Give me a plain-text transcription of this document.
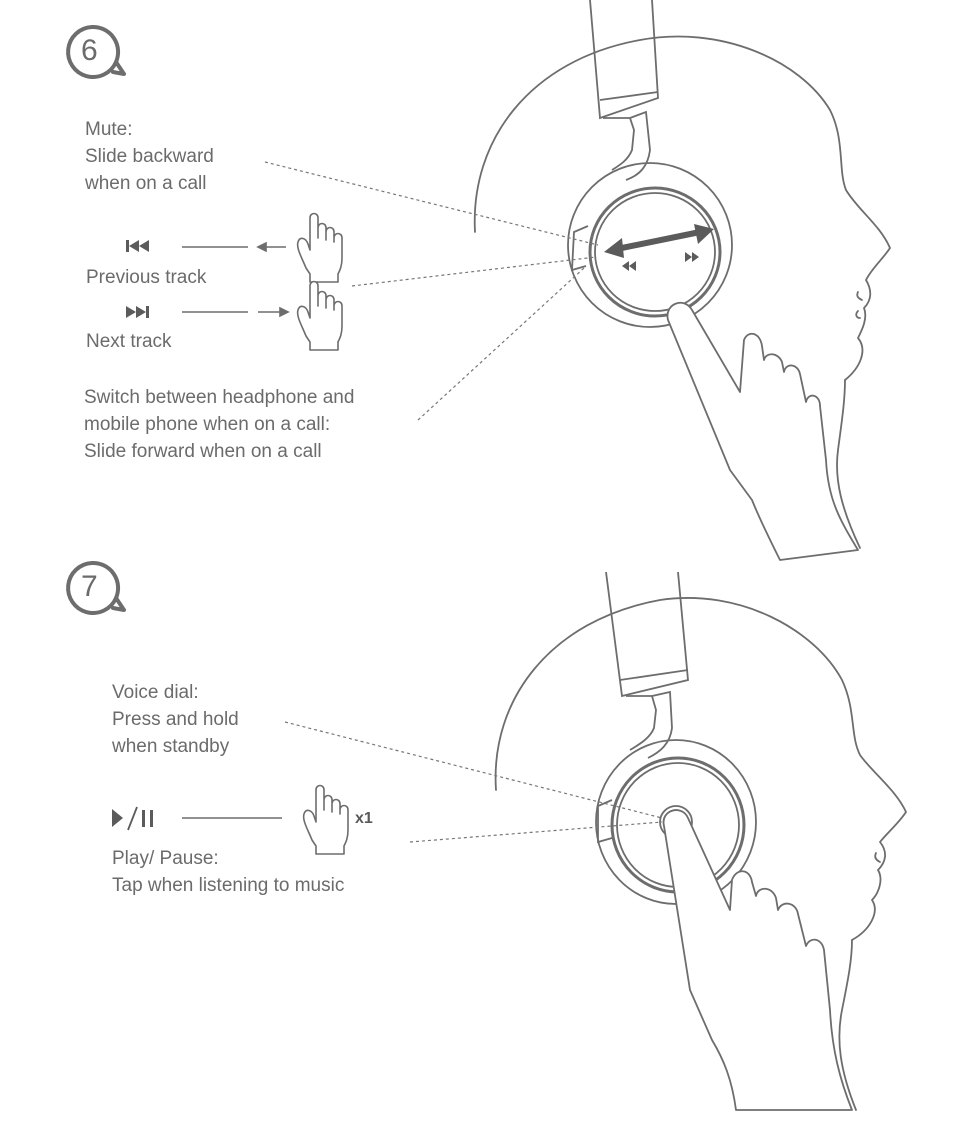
6
7
Mute:
Slide backward
when on a call
Previous track
Next track
Switch between headphone and
mobile phone when on a call:
Slide forward when on a call
Voice dial:
Press and hold
when standby
x1
Play/ Pause:
Tap when listening to music
